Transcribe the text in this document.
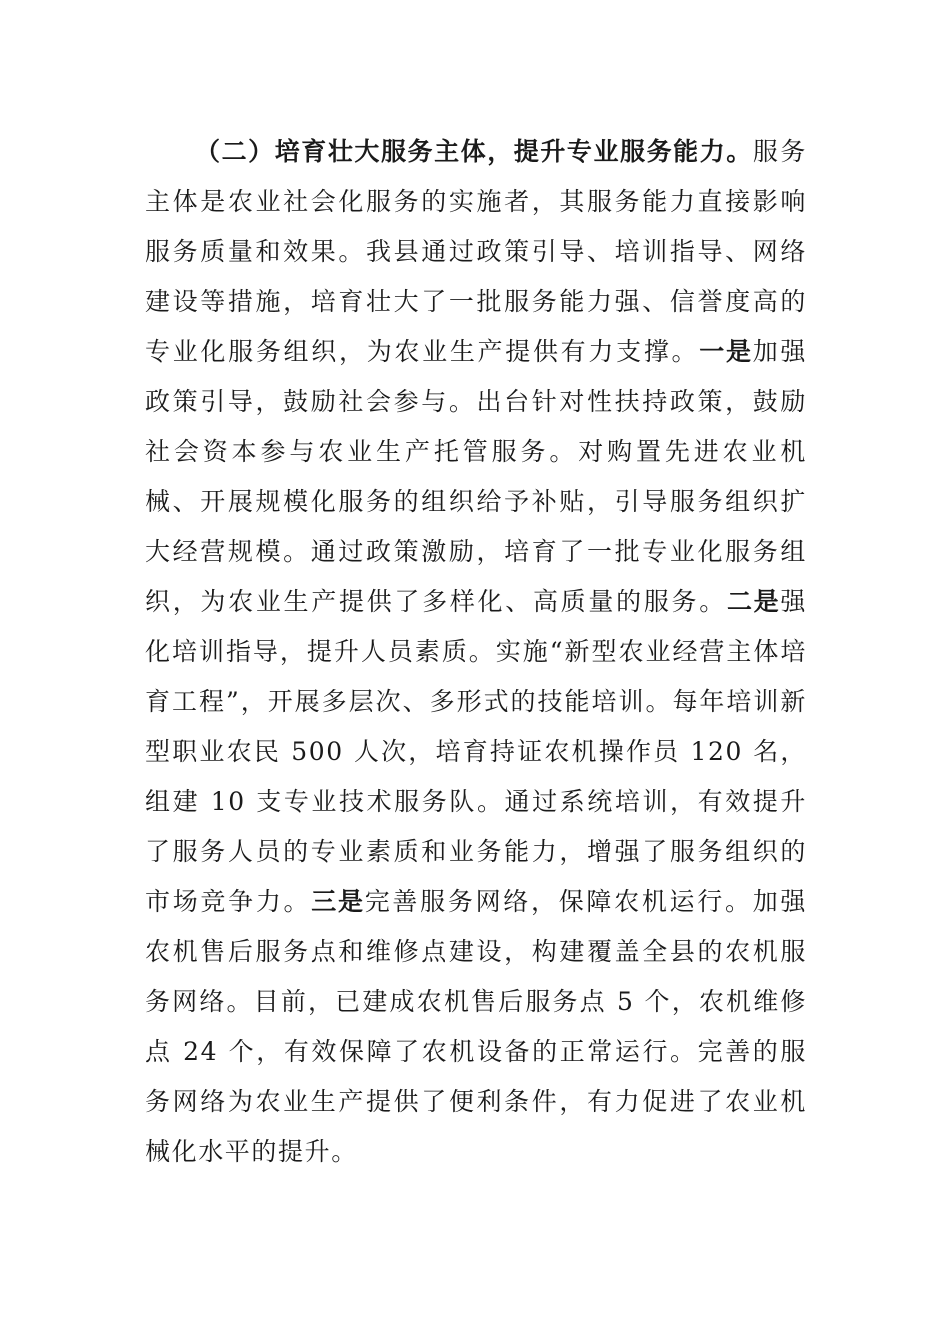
（二）培育壮大服务主体，提升专业服务能力。服务主体是农业社会化服务的实施者，其服务能力直接影响服务质量和效果。我县通过政策引导、培训指导、网络建设等措施，培育壮大了一批服务能力强、信誉度高的专业化服务组织，为农业生产提供有力支撑。一是加强政策引导，鼓励社会参与。出台针对性扶持政策，鼓励社会资本参与农业生产托管服务。对购置先进农业机械、开展规模化服务的组织给予补贴，引导服务组织扩大经营规模。通过政策激励，培育了一批专业化服务组织，为农业生产提供了多样化、高质量的服务。二是强化培训指导，提升人员素质。实施“新型农业经营主体培育工程”，开展多层次、多形式的技能培训。每年培训新型职业农民 500 人次，培育持证农机操作员 120 名，组建 10 支专业技术服务队。通过系统培训，有效提升了服务人员的专业素质和业务能力，增强了服务组织的市场竞争力。三是完善服务网络，保障农机运行。加强农机售后服务点和维修点建设，构建覆盖全县的农机服务网络。目前，已建成农机售后服务点 5 个，农机维修点 24 个，有效保障了农机设备的正常运行。完善的服务网络为农业生产提供了便利条件，有力促进了农业机械化水平的提升。
